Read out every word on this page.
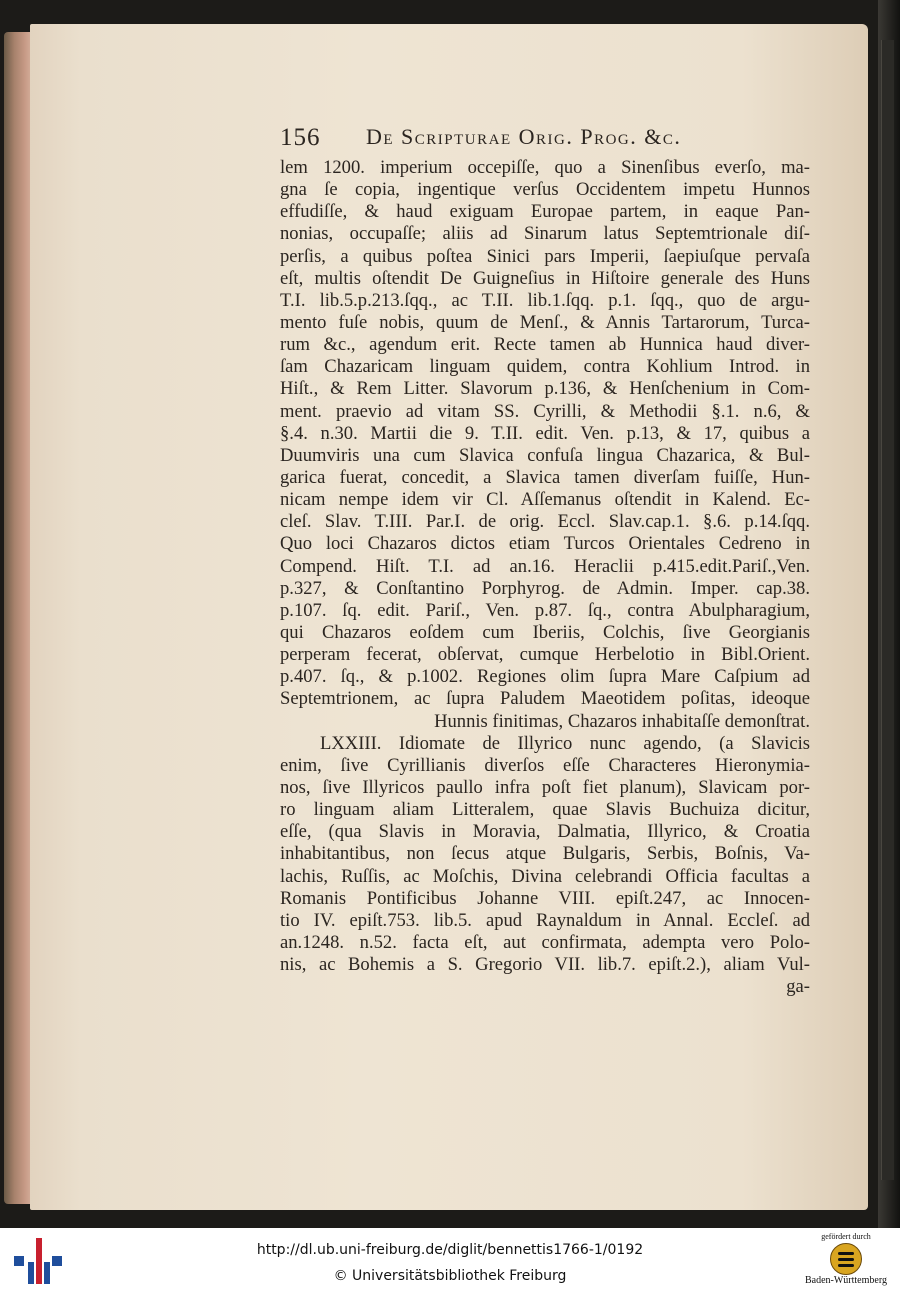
156 De Scripturae Orig. Prog. &c.
lem 1200. imperium occepiſſe, quo a Sinenſibus everſo, ma-
gna ſe copia, ingentique verſus Occidentem impetu Hunnos
effudiſſe, & haud exiguam Europae partem, in eaque Pan-
nonias, occupaſſe; aliis ad Sinarum latus Septemtrionale diſ-
perſis, a quibus poſtea Sinici pars Imperii, ſaepiuſque pervaſa
eſt, multis oſtendit De Guigneſius in Hiſtoire generale des Huns
T.I. lib.5.p.213.ſqq., ac T.II. lib.1.ſqq. p.1. ſqq., quo de argu-
mento fuſe nobis, quum de Menſ., & Annis Tartarorum, Turca-
rum &c., agendum erit. Recte tamen ab Hunnica haud diver-
ſam Chazaricam linguam quidem, contra Kohlium Introd. in
Hiſt., & Rem Litter. Slavorum p.136, & Henſchenium in Com-
ment. praevio ad vitam SS. Cyrilli, & Methodii §.1. n.6, &
§.4. n.30. Martii die 9. T.II. edit. Ven. p.13, & 17, quibus a
Duumviris una cum Slavica confuſa lingua Chazarica, & Bul-
garica fuerat, concedit, a Slavica tamen diverſam fuiſſe, Hun-
nicam nempe idem vir Cl. Aſſemanus oſtendit in Kalend. Ec-
cleſ. Slav. T.III. Par.I. de orig. Eccl. Slav.cap.1. §.6. p.14.ſqq.
Quo loci Chazaros dictos etiam Turcos Orientales Cedreno in
Compend. Hiſt. T.I. ad an.16. Heraclii p.415.edit.Pariſ.,Ven.
p.327, & Conſtantino Porphyrog. de Admin. Imper. cap.38.
p.107. ſq. edit. Pariſ., Ven. p.87. ſq., contra Abulpharagium,
qui Chazaros eoſdem cum Iberiis, Colchis, ſive Georgianis
perperam fecerat, obſervat, cumque Herbelotio in Bibl.Orient.
p.407. ſq., & p.1002. Regiones olim ſupra Mare Caſpium ad
Septemtrionem, ac ſupra Paludem Maeotidem poſitas, ideoque
Hunnis finitimas, Chazaros inhabitaſſe demonſtrat.
LXXIII. Idiomate de Illyrico nunc agendo, (a Slavicis
enim, ſive Cyrillianis diverſos eſſe Characteres Hieronymia-
nos, ſive Illyricos paullo infra poſt fiet planum), Slavicam por-
ro linguam aliam Litteralem, quae Slavis Buchuiza dicitur,
eſſe, (qua Slavis in Moravia, Dalmatia, Illyrico, & Croatia
inhabitantibus, non ſecus atque Bulgaris, Serbis, Boſnis, Va-
lachis, Ruſſis, ac Moſchis, Divina celebrandi Officia facultas a
Romanis Pontificibus Johanne VIII. epiſt.247, ac Innocen-
tio IV. epiſt.753. lib.5. apud Raynaldum in Annal. Eccleſ. ad
an.1248. n.52. facta eſt, aut confirmata, adempta vero Polo-
nis, ac Bohemis a S. Gregorio VII. lib.7. epiſt.2.), aliam Vul-
ga-
http://dl.ub.uni-freiburg.de/diglit/bennettis1766-1/0192
© Universitätsbibliothek Freiburg
gefördert durch
Baden-Württemberg
